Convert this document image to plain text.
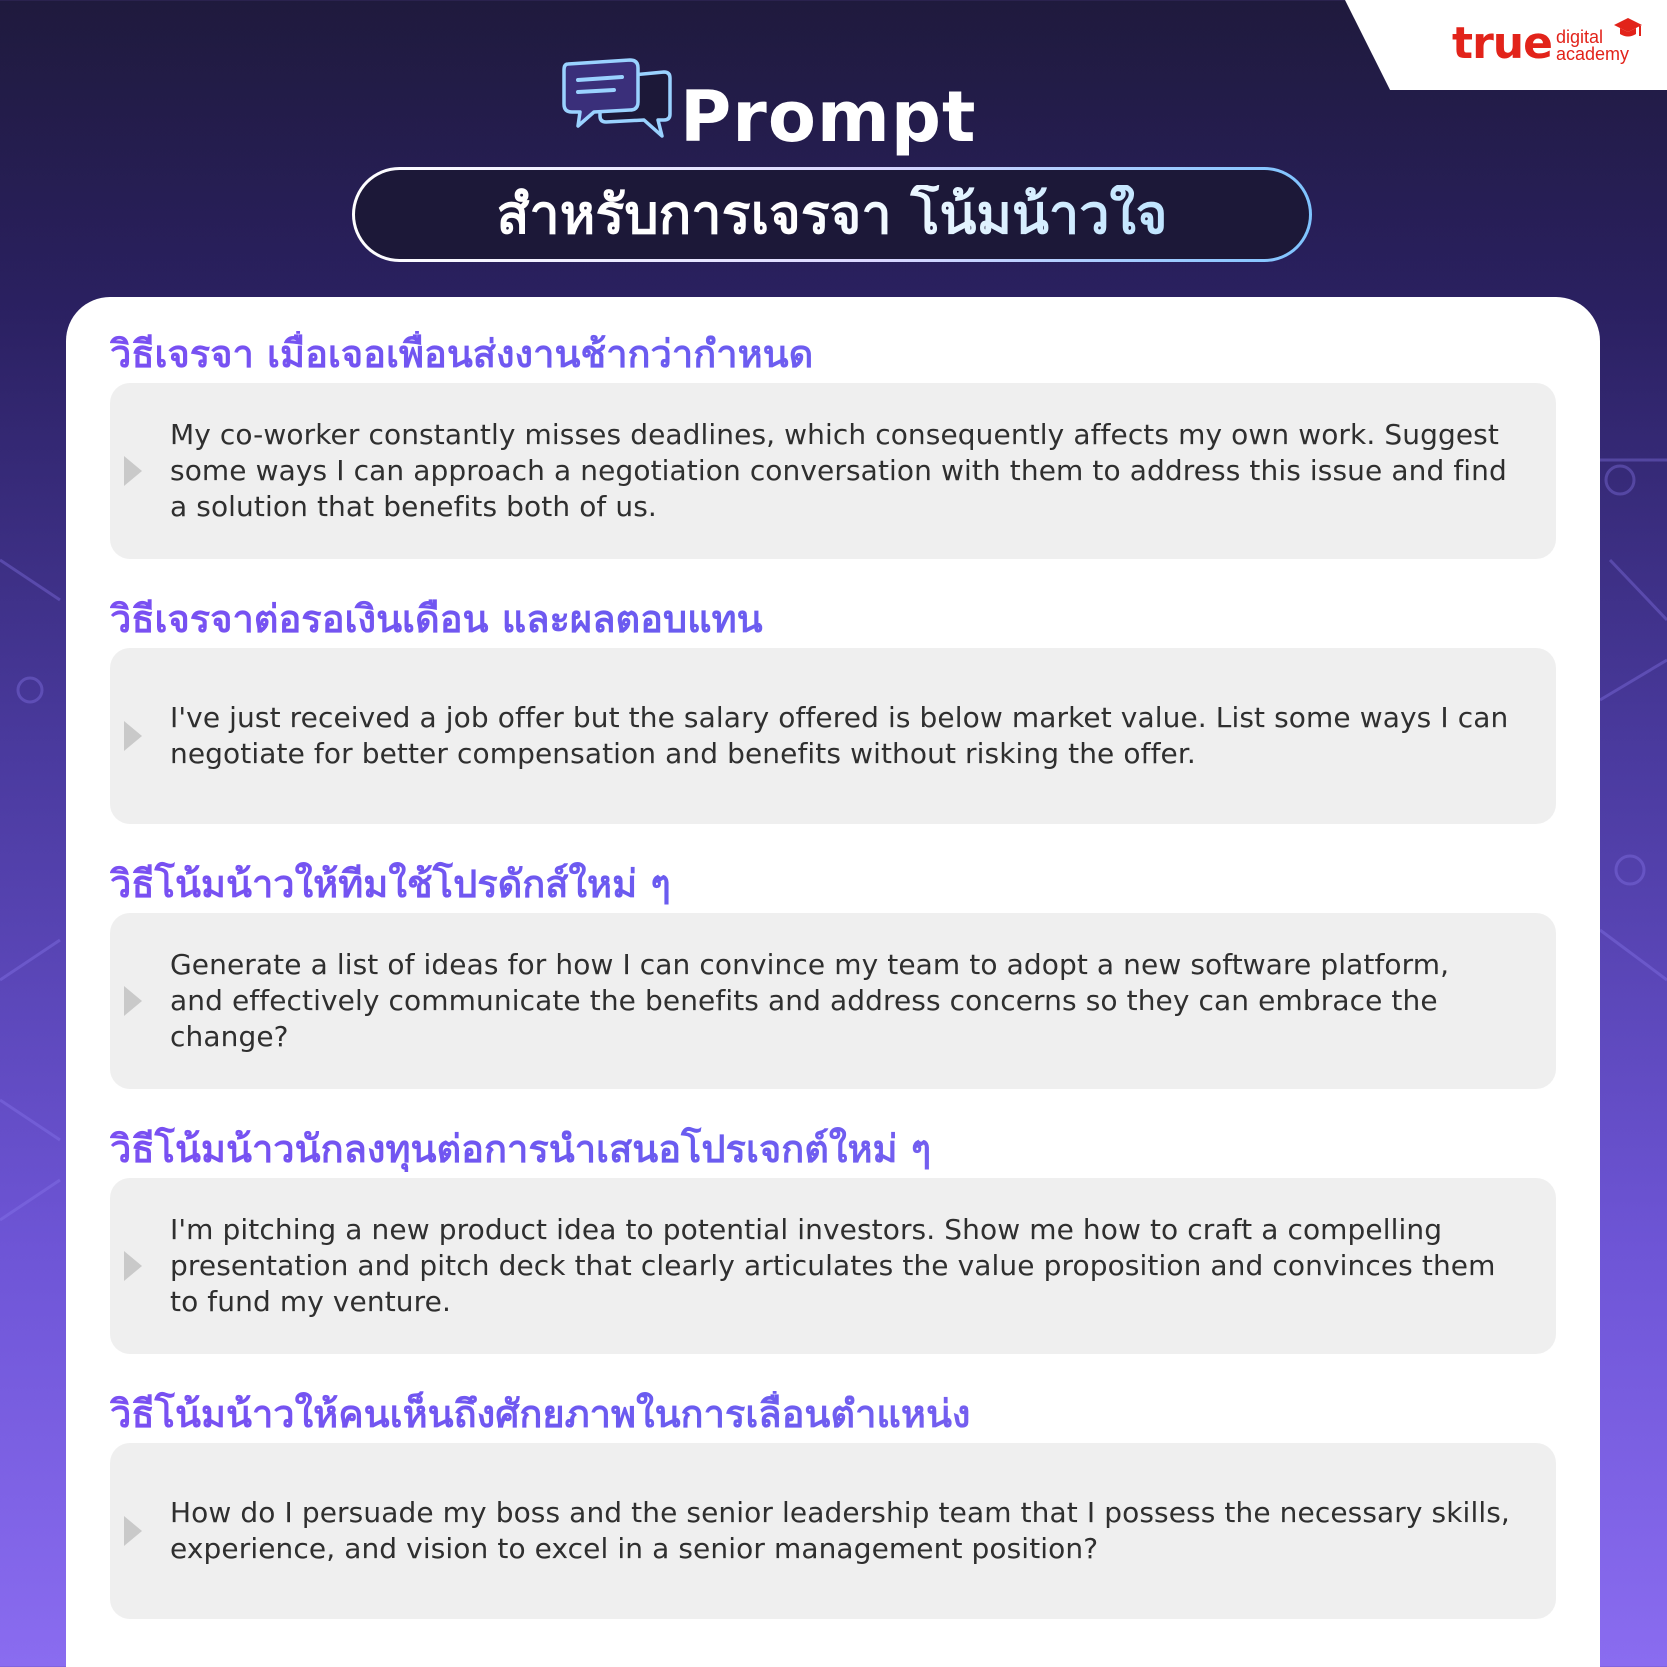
true digital
academy
Prompt
สำหรับการเจรจา โน้มน้าวใจ
วิธีเจรจา เมื่อเจอเพื่อนส่งงานช้ากว่ากำหนด
My co-worker constantly misses deadlines, which consequently affects my own work. Suggest some ways I can approach a negotiation conversation with them to address this issue and find a solution that benefits both of us.
วิธีเจรจาต่อรอเงินเดือน และผลตอบแทน
I've just received a job offer but the salary offered is below market value. List some ways I can negotiate for better compensation and benefits without risking the offer.
วิธีโน้มน้าวให้ทีมใช้โปรดักส์ใหม่ ๆ
Generate a list of ideas for how I can convince my team to adopt a new software platform, and effectively communicate the benefits and address concerns so they can embrace the change?
วิธีโน้มน้าวนักลงทุนต่อการนำเสนอโปรเจกต์ใหม่ ๆ
I'm pitching a new product idea to potential investors. Show me how to craft a compelling presentation and pitch deck that clearly articulates the value proposition and convinces them to fund my venture.
วิธีโน้มน้าวให้คนเห็นถึงศักยภาพในการเลื่อนตำแหน่ง
How do I persuade my boss and the senior leadership team that I possess the necessary skills, experience, and vision to excel in a senior management position?
